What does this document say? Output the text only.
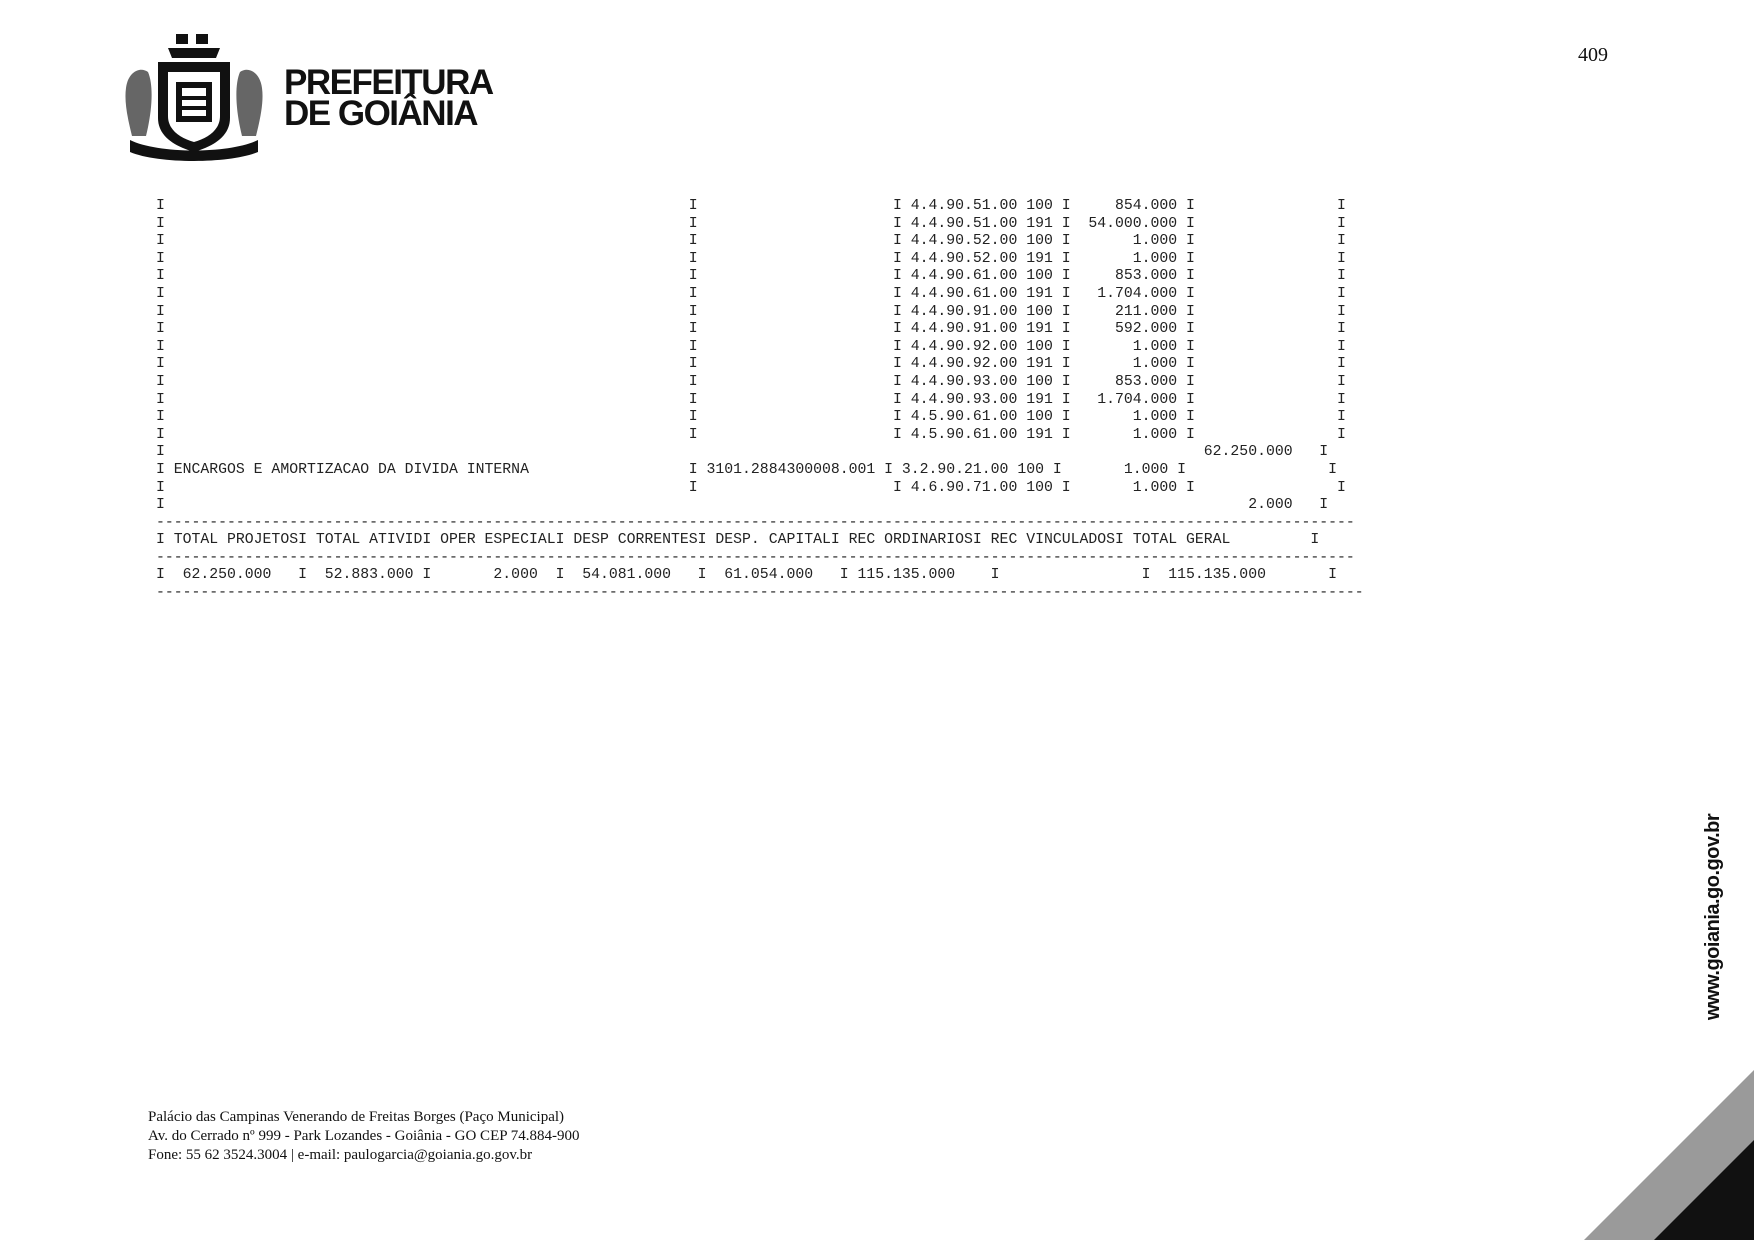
409
PREFEITURA
DE GOIÂNIA
I                                                           I                      I 4.4.90.51.00 100 I     854.000 I                I
I                                                           I                      I 4.4.90.51.00 191 I  54.000.000 I                I
I                                                           I                      I 4.4.90.52.00 100 I       1.000 I                I
I                                                           I                      I 4.4.90.52.00 191 I       1.000 I                I
I                                                           I                      I 4.4.90.61.00 100 I     853.000 I                I
I                                                           I                      I 4.4.90.61.00 191 I   1.704.000 I                I
I                                                           I                      I 4.4.90.91.00 100 I     211.000 I                I
I                                                           I                      I 4.4.90.91.00 191 I     592.000 I                I
I                                                           I                      I 4.4.90.92.00 100 I       1.000 I                I
I                                                           I                      I 4.4.90.92.00 191 I       1.000 I                I
I                                                           I                      I 4.4.90.93.00 100 I     853.000 I                I
I                                                           I                      I 4.4.90.93.00 191 I   1.704.000 I                I
I                                                           I                      I 4.5.90.61.00 100 I       1.000 I                I
I                                                           I                      I 4.5.90.61.00 191 I       1.000 I                I
I                                                                                                                     62.250.000   I
I ENCARGOS E AMORTIZACAO DA DIVIDA INTERNA                  I 3101.2884300008.001 I 3.2.90.21.00 100 I       1.000 I                I
I                                                           I                      I 4.6.90.71.00 100 I       1.000 I                I
I                                                                                                                          2.000   I
---------------------------------------------------------------------------------------------------------------------------------------
I TOTAL PROJETOSI TOTAL ATIVIDI OPER ESPECIALI DESP CORRENTESI DESP. CAPITALI REC ORDINARIOSI REC VINCULADOSI TOTAL GERAL         I
---------------------------------------------------------------------------------------------------------------------------------------
I  62.250.000   I  52.883.000 I       2.000  I  54.081.000   I  61.054.000   I 115.135.000    I                I  115.135.000       I
----------------------------------------------------------------------------------------------------------------------------------------
Palácio das Campinas Venerando de Freitas Borges (Paço Municipal)
Av. do Cerrado nº 999 - Park Lozandes - Goiânia - GO CEP 74.884-900
Fone: 55 62 3524.3004 | e-mail: paulogarcia@goiania.go.gov.br
www.goiania.go.gov.br
